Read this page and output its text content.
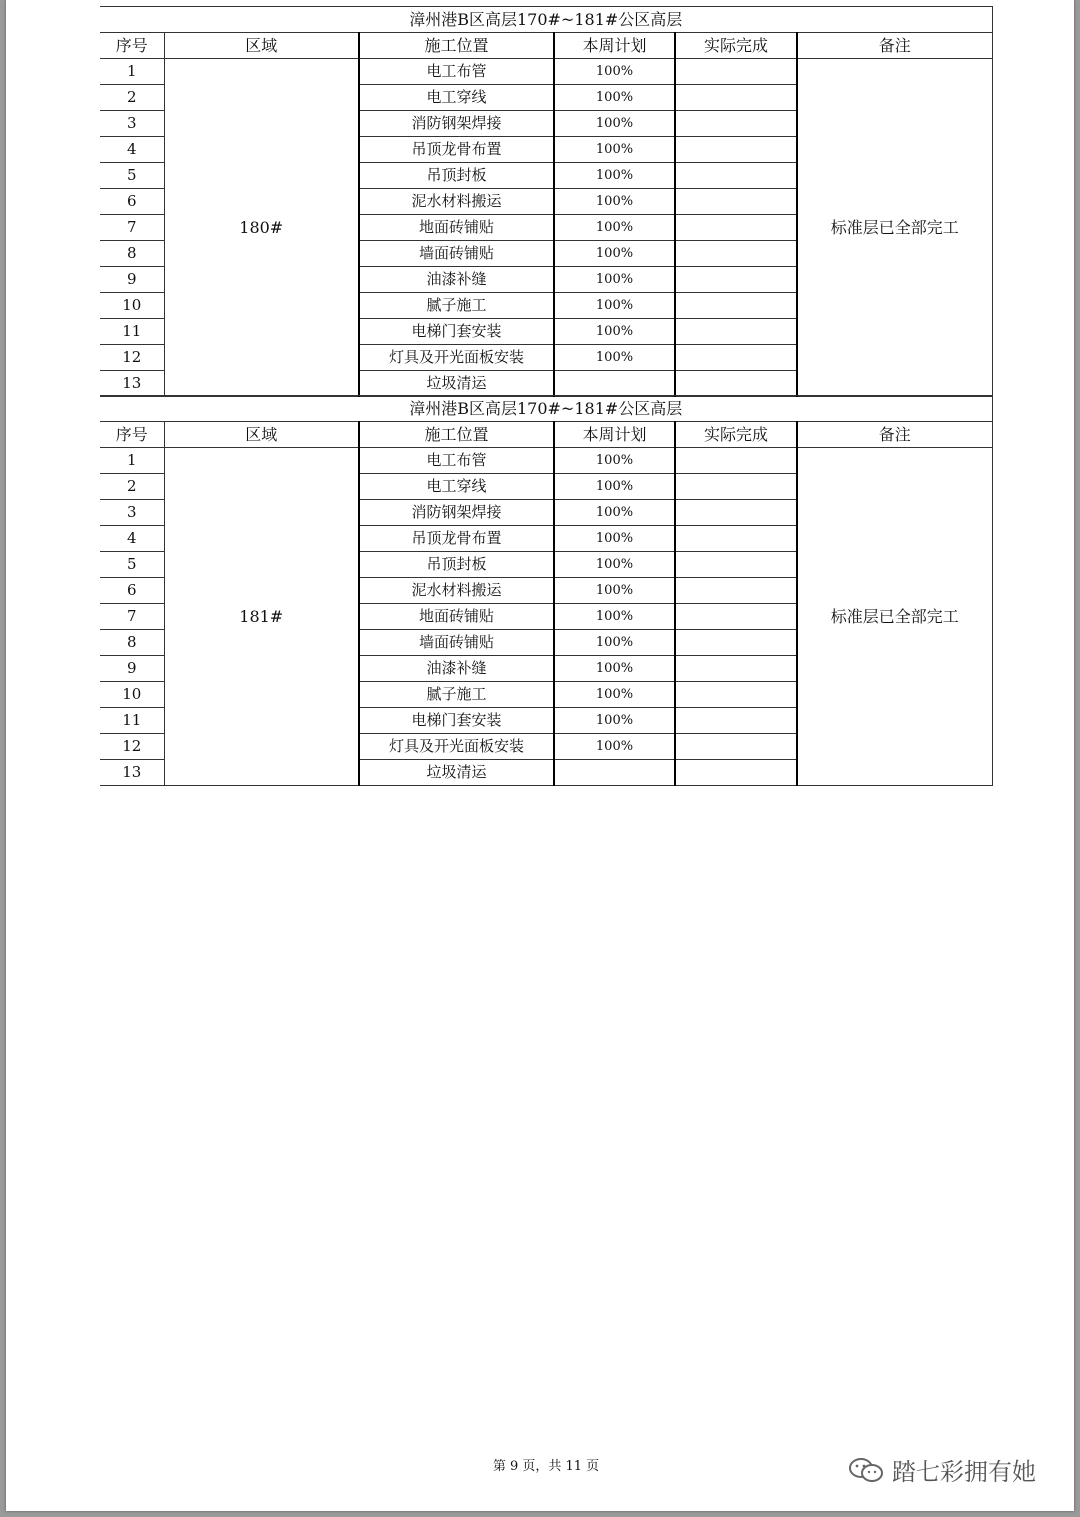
漳州港B区高层170#~181#公区高层					
序号	区域	施工位置	本周计划	实际完成	备注
1	180#	电工布管	100%		标准层已全部完工
2		电工穿线	100%		
3		消防钢架焊接	100%		
4		吊顶龙骨布置	100%		
5		吊顶封板	100%		
6		泥水材料搬运	100%		
7		地面砖铺贴	100%		
8		墙面砖铺贴	100%		
9		油漆补缝	100%		
10		腻子施工	100%		
11		电梯门套安装	100%		
12		灯具及开光面板安装	100%		
13		垃圾清运			
漳州港B区高层170#~181#公区高层					
序号	区域	施工位置	本周计划	实际完成	备注
1	181#	电工布管	100%		标准层已全部完工
2		电工穿线	100%		
3		消防钢架焊接	100%		
4		吊顶龙骨布置	100%		
5		吊顶封板	100%		
6		泥水材料搬运	100%		
7		地面砖铺贴	100%		
8		墙面砖铺贴	100%		
9		油漆补缝	100%		
10		腻子施工	100%		
11		电梯门套安装	100%		
12		灯具及开光面板安装	100%		
13		垃圾清运			
第 9 页，共 11 页	踏七彩拥有她
